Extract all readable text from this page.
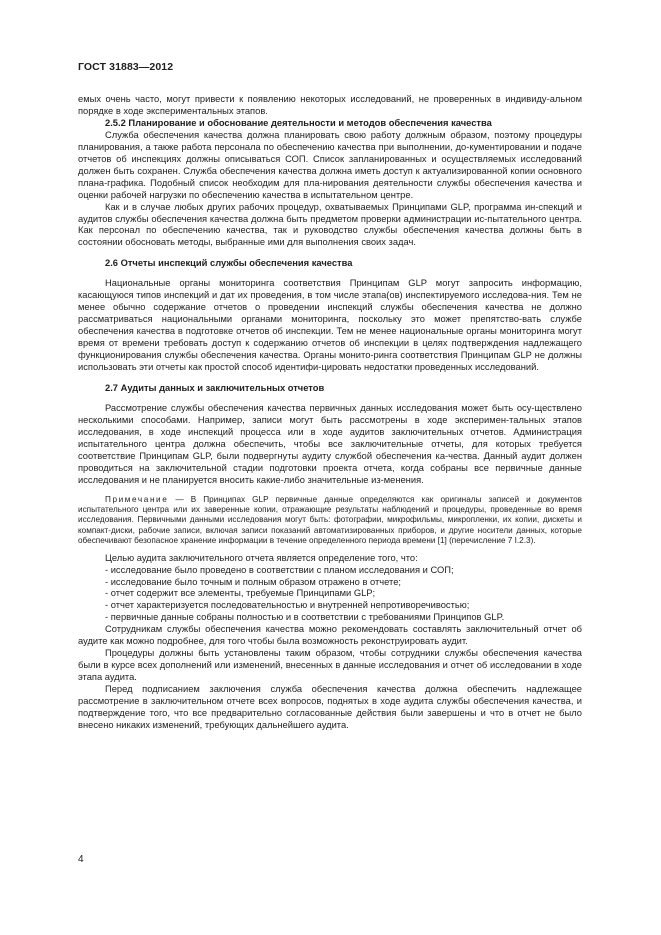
ГОСТ 31883—2012

емых очень часто, могут привести к появлению некоторых исследований, не проверенных в индивиду-альном порядке в ходе экспериментальных этапов.

2.5.2 Планирование и обоснование деятельности и методов обеспечения качества

Служба обеспечения качества должна планировать свою работу должным образом, поэтому процедуры планирования, а также работа персонала по обеспечению качества при выполнении, до-кументировании и подаче отчетов об инспекциях должны описываться СОП. Список запланированных и осуществляемых исследований должен быть сохранен. Служба обеспечения качества должна иметь доступ к актуализированной копии основного плана-графика. Подобный список необходим для пла-нирования деятельности службы обеспечения качества и оценки рабочей нагрузки по обеспечению качества в испытательном центре.

Как и в случае любых других рабочих процедур, охватываемых Принципами GLP, программа ин-спекций и аудитов службы обеспечения качества должна быть предметом проверки администрации ис-пытательного центра. Как персонал по обеспечению качества, так и руководство службы обеспечения качества должны быть в состоянии обосновать методы, выбранные ими для выполнения своих задач.

2.6 Отчеты инспекций службы обеспечения качества

Национальные органы мониторинга соответствия Принципам GLP могут запросить информацию, касающуюся типов инспекций и дат их проведения, в том числе этапа(ов) инспектируемого исследова-ния. Тем не менее обычно содержание отчетов о проведении инспекций службы обеспечения качества не должно рассматриваться национальными органами мониторинга, поскольку это может препятство-вать службе обеспечения качества в подготовке отчетов об инспекции. Тем не менее национальные органы мониторинга могут время от времени требовать доступ к содержанию отчетов об инспекции в целях подтверждения надлежащего функционирования службы обеспечения качества. Органы монито-ринга соответствия Принципам GLP не должны использовать эти отчеты как простой способ идентифи-цировать недостатки проведенных исследований.

2.7 Аудиты данных и заключительных отчетов

Рассмотрение службы обеспечения качества первичных данных исследования может быть осу-ществлено несколькими способами. Например, записи могут быть рассмотрены в ходе эксперимен-тальных этапов исследования, в ходе инспекций процесса или в ходе аудитов заключительных отчетов. Администрация испытательного центра должна обеспечить, чтобы все заключительные отчеты, для которых требуется соответствие Принципам GLP, были подвергнуты аудиту службой обеспечения ка-чества. Данный аудит должен проводиться на заключительной стадии подготовки проекта отчета, когда собраны все первичные данные исследования и не планируется вносить какие-либо значительные из-менения.

Примечание — В Принципах GLP первичные данные определяются как оригиналы записей и документов испытательного центра или их заверенные копии, отражающие результаты наблюдений и процедуры, проведенные во время исследования. Первичными данными исследования могут быть: фотографии, микрофильмы, микропленки, их копии, дискеты и компакт-диски, рабочие записи, включая записи показаний автоматизированных приборов, и другие носители данных, которые обеспечивают безопасное хранение информации в течение определенного периода времени [1] (перечисление 7 I.2.3).

Целью аудита заключительного отчета является определение того, что:

- исследование было проведено в соответствии с планом исследования и СОП;

- исследование было точным и полным образом отражено в отчете;

- отчет содержит все элементы, требуемые Принципами GLP;

- отчет характеризуется последовательностью и внутренней непротиворечивостью;

- первичные данные собраны полностью и в соответствии с требованиями Принципов GLP.

Сотрудникам службы обеспечения качества можно рекомендовать составлять заключительный отчет об аудите как можно подробнее, для того чтобы была возможность реконструировать аудит.

Процедуры должны быть установлены таким образом, чтобы сотрудники службы обеспечения качества были в курсе всех дополнений или изменений, внесенных в данные исследования и отчет об исследовании в ходе этапа аудита.

Перед подписанием заключения служба обеспечения качества должна обеспечить надлежащее рассмотрение в заключительном отчете всех вопросов, поднятых в ходе аудита службы обеспечения качества, и подтверждение того, что все предварительно согласованные действия были завершены и что в отчет не было внесено никаких изменений, требующих дальнейшего аудита.

4
